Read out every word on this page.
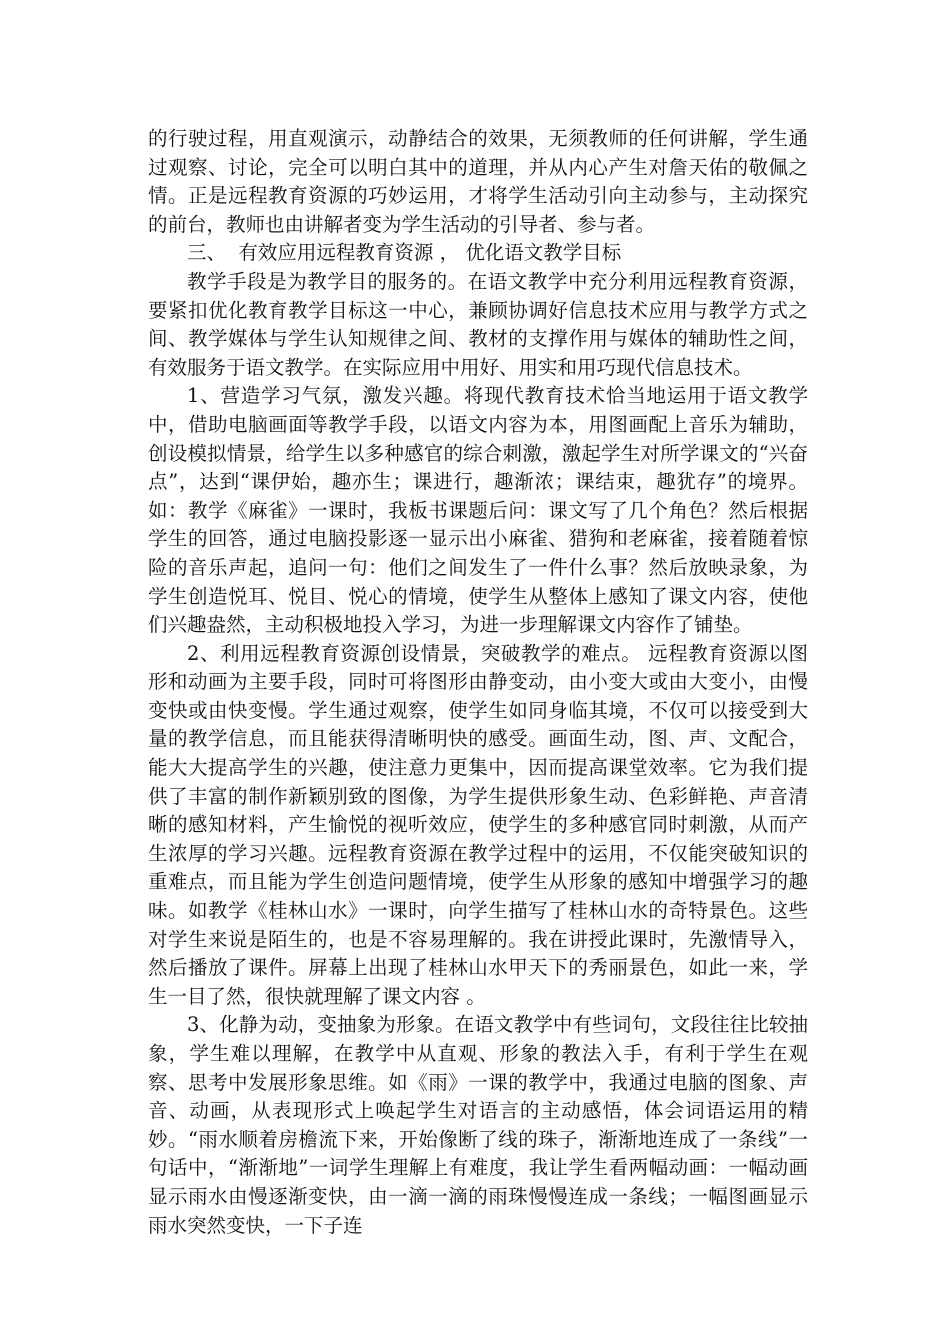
的行驶过程，用直观演示，动静结合的效果，无须教师的任何讲解，学生通过观察、讨论，完全可以明白其中的道理，并从内心产生对詹天佑的敬佩之情。正是远程教育资源的巧妙运用，才将学生活动引向主动参与，主动探究的前台，教师也由讲解者变为学生活动的引导者、参与者。

三、  有效应用远程教育资源 ， 优化语文教学目标

教学手段是为教学目的服务的。在语文教学中充分利用远程教育资源，要紧扣优化教育教学目标这一中心，兼顾协调好信息技术应用与教学方式之间、教学媒体与学生认知规律之间、教材的支撑作用与媒体的辅助性之间，有效服务于语文教学。在实际应用中用好、用实和用巧现代信息技术。

1、营造学习气氛，激发兴趣。将现代教育技术恰当地运用于语文教学中，借助电脑画面等教学手段，以语文内容为本，用图画配上音乐为辅助，创设模拟情景，给学生以多种感官的综合刺激，激起学生对所学课文的“兴奋点”，达到“课伊始，趣亦生；课进行，趣渐浓；课结束，趣犹存”的境界。如：教学《麻雀》一课时，我板书课题后问：课文写了几个角色？然后根据学生的回答，通过电脑投影逐一显示出小麻雀、猎狗和老麻雀，接着随着惊险的音乐声起，追问一句：他们之间发生了一件什么事？然后放映录象，为学生创造悦耳、悦目、悦心的情境，使学生从整体上感知了课文内容，使他们兴趣盎然，主动积极地投入学习，为进一步理解课文内容作了铺垫。

2、利用远程教育资源创设情景，突破教学的难点。 远程教育资源以图形和动画为主要手段，同时可将图形由静变动，由小变大或由大变小，由慢变快或由快变慢。学生通过观察，使学生如同身临其境，不仅可以接受到大量的教学信息，而且能获得清晰明快的感受。画面生动，图、声、文配合，能大大提高学生的兴趣，使注意力更集中，因而提高课堂效率。它为我们提供了丰富的制作新颖别致的图像，为学生提供形象生动、色彩鲜艳、声音清晰的感知材料，产生愉悦的视听效应，使学生的多种感官同时刺激，从而产生浓厚的学习兴趣。远程教育资源在教学过程中的运用，不仅能突破知识的重难点，而且能为学生创造问题情境，使学生从形象的感知中增强学习的趣味。如教学《桂林山水》一课时，向学生描写了桂林山水的奇特景色。这些对学生来说是陌生的，也是不容易理解的。我在讲授此课时，先激情导入，然后播放了课件。屏幕上出现了桂林山水甲天下的秀丽景色，如此一来，学生一目了然，很快就理解了课文内容 。

3、化静为动，变抽象为形象。在语文教学中有些词句，文段往往比较抽象，学生难以理解，在教学中从直观、形象的教法入手，有利于学生在观察、思考中发展形象思维。如《雨》一课的教学中，我通过电脑的图象、声音、动画，从表现形式上唤起学生对语言的主动感悟，体会词语运用的精妙。“雨水顺着房檐流下来，开始像断了线的珠子，渐渐地连成了一条线”一句话中，“渐渐地”一词学生理解上有难度，我让学生看两幅动画：一幅动画显示雨水由慢逐渐变快，由一滴一滴的雨珠慢慢连成一条线；一幅图画显示雨水突然变快，一下子连
